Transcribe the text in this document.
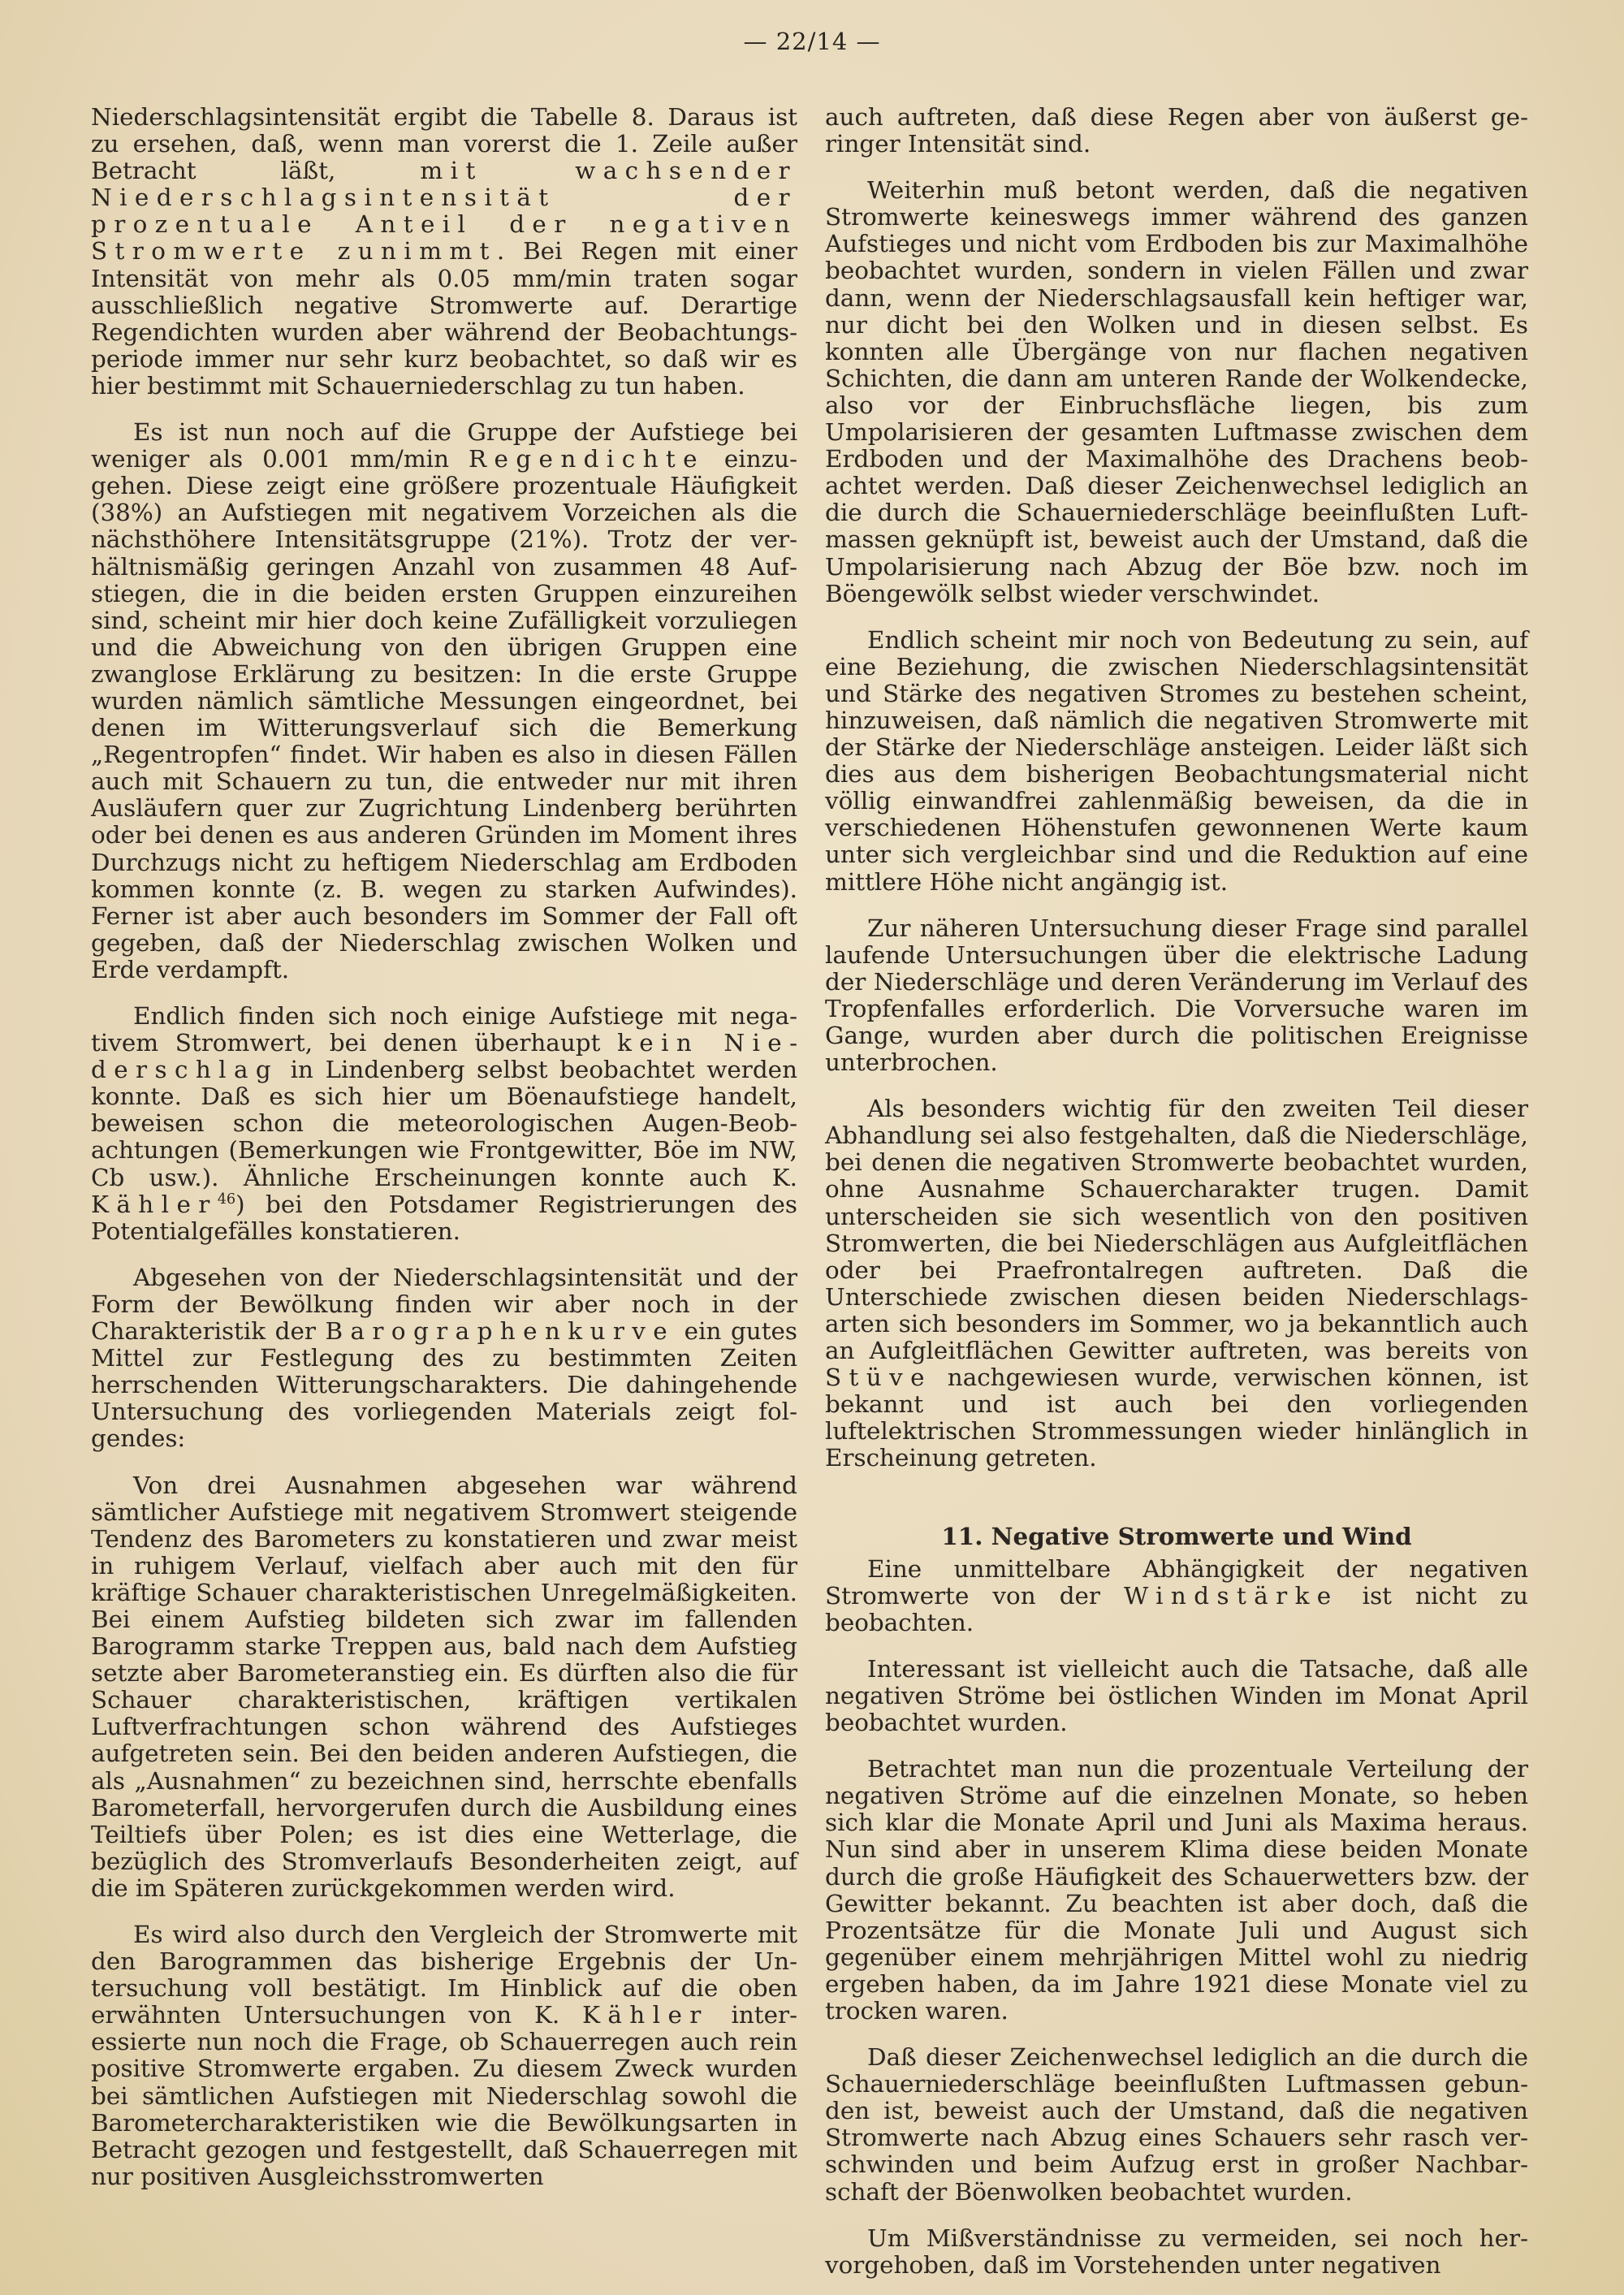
— 22/14 —

Niederschlagsintensität ergibt die Tabelle 8. Daraus ist zu ersehen, daß, wenn man vorerst die 1. Zeile außer Betracht läßt, mit wachsender Niederschlagsintensität der prozentuale Anteil der negativen Stromwerte zunimmt. Bei Regen mit einer Intensität von mehr als 0.05 mm/min traten sogar ausschließlich negative Stromwerte auf. Derartige Regendichten wurden aber während der Beobachtungsperiode immer nur sehr kurz beobachtet, so daß wir es hier bestimmt mit Schauerniederschlag zu tun haben.

Es ist nun noch auf die Gruppe der Aufstiege bei weniger als 0.001 mm/min Regendichte einzugehen. Diese zeigt eine größere prozentuale Häufigkeit (38%) an Aufstiegen mit negativem Vorzeichen als die nächsthöhere Intensitätsgruppe (21%). Trotz der verhältnismäßig geringen Anzahl von zusammen 48 Aufstiegen, die in die beiden ersten Gruppen einzureihen sind, scheint mir hier doch keine Zufälligkeit vorzuliegen und die Abweichung von den übrigen Gruppen eine zwanglose Erklärung zu besitzen: In die erste Gruppe wurden nämlich sämtliche Messungen eingeordnet, bei denen im Witterungsverlauf sich die Bemerkung „Regentropfen“ findet. Wir haben es also in diesen Fällen auch mit Schauern zu tun, die entweder nur mit ihren Ausläufern quer zur Zugrichtung Lindenberg berührten oder bei denen es aus anderen Gründen im Moment ihres Durchzugs nicht zu heftigem Niederschlag am Erdboden kommen konnte (z. B. wegen zu starken Aufwindes). Ferner ist aber auch besonders im Sommer der Fall oft gegeben, daß der Niederschlag zwischen Wolken und Erde verdampft.

Endlich finden sich noch einige Aufstiege mit negativem Stromwert, bei denen überhaupt kein Niederschlag in Lindenberg selbst beobachtet werden konnte. Daß es sich hier um Böenaufstiege handelt, beweisen schon die meteorologischen Augen-Beobachtungen (Bemerkungen wie Frontgewitter, Böe im NW, Cb usw.). Ähnliche Erscheinungen konnte auch K. Kähler$^{46}$) bei den Potsdamer Registrierungen des Potentialgefälles konstatieren.

Abgesehen von der Niederschlagsintensität und der Form der Bewölkung finden wir aber noch in der Charakteristik der Barographenkurve ein gutes Mittel zur Festlegung des zu bestimmten Zeiten herrschenden Witterungscharakters. Die dahingehende Untersuchung des vorliegenden Materials zeigt folgendes:

Von drei Ausnahmen abgesehen war während sämtlicher Aufstiege mit negativem Stromwert steigende Tendenz des Barometers zu konstatieren und zwar meist in ruhigem Verlauf, vielfach aber auch mit den für kräftige Schauer charakteristischen Unregelmäßigkeiten. Bei einem Aufstieg bildeten sich zwar im fallenden Barogramm starke Treppen aus, bald nach dem Aufstieg setzte aber Barometeranstieg ein. Es dürften also die für Schauer charakteristischen, kräftigen vertikalen Luftverfrachtungen schon während des Aufstieges aufgetreten sein. Bei den beiden anderen Aufstiegen, die als „Ausnahmen“ zu bezeichnen sind, herrschte ebenfalls Barometerfall, hervorgerufen durch die Ausbildung eines Teiltiefs über Polen; es ist dies eine Wetterlage, die bezüglich des Stromverlaufs Besonderheiten zeigt, auf die im Späteren zurückgekommen werden wird.

Es wird also durch den Vergleich der Stromwerte mit den Barogrammen das bisherige Ergebnis der Untersuchung voll bestätigt. Im Hinblick auf die oben erwähnten Untersuchungen von K. Kähler interessierte nun noch die Frage, ob Schauerregen auch rein positive Stromwerte ergaben. Zu diesem Zweck wurden bei sämtlichen Aufstiegen mit Niederschlag sowohl die Barometercharakteristiken wie die Bewölkungsarten in Betracht gezogen und festgestellt, daß Schauerregen mit nur positiven Ausgleichsstromwerten

auch auftreten, daß diese Regen aber von äußerst geringer Intensität sind.

Weiterhin muß betont werden, daß die negativen Stromwerte keineswegs immer während des ganzen Aufstieges und nicht vom Erdboden bis zur Maximalhöhe beobachtet wurden, sondern in vielen Fällen und zwar dann, wenn der Niederschlagsausfall kein heftiger war, nur dicht bei den Wolken und in diesen selbst. Es konnten alle Übergänge von nur flachen negativen Schichten, die dann am unteren Rande der Wolkendecke, also vor der Einbruchsfläche liegen, bis zum Umpolarisieren der gesamten Luftmasse zwischen dem Erdboden und der Maximalhöhe des Drachens beobachtet werden. Daß dieser Zeichenwechsel lediglich an die durch die Schauerniederschläge beeinflußten Luftmassen geknüpft ist, beweist auch der Umstand, daß die Umpolarisierung nach Abzug der Böe bzw. noch im Böengewölk selbst wieder verschwindet.

Endlich scheint mir noch von Bedeutung zu sein, auf eine Beziehung, die zwischen Niederschlagsintensität und Stärke des negativen Stromes zu bestehen scheint, hinzuweisen, daß nämlich die negativen Stromwerte mit der Stärke der Niederschläge ansteigen. Leider läßt sich dies aus dem bisherigen Beobachtungsmaterial nicht völlig einwandfrei zahlenmäßig beweisen, da die in verschiedenen Höhenstufen gewonnenen Werte kaum unter sich vergleichbar sind und die Reduktion auf eine mittlere Höhe nicht angängig ist.

Zur näheren Untersuchung dieser Frage sind parallel laufende Untersuchungen über die elektrische Ladung der Niederschläge und deren Veränderung im Verlauf des Tropfenfalles erforderlich. Die Vorversuche waren im Gange, wurden aber durch die politischen Ereignisse unterbrochen.

Als besonders wichtig für den zweiten Teil dieser Abhandlung sei also festgehalten, daß die Niederschläge, bei denen die negativen Stromwerte beobachtet wurden, ohne Ausnahme Schauercharakter trugen. Damit unterscheiden sie sich wesentlich von den positiven Stromwerten, die bei Niederschlägen aus Aufgleitflächen oder bei Praefrontalregen auftreten. Daß die Unterschiede zwischen diesen beiden Niederschlagsarten sich besonders im Sommer, wo ja bekanntlich auch an Aufgleitflächen Gewitter auftreten, was bereits von Stüve nachgewiesen wurde, verwischen können, ist bekannt und ist auch bei den vorliegenden luftelektrischen Strommessungen wieder hinlänglich in Erscheinung getreten.

11. Negative Stromwerte und Wind

Eine unmittelbare Abhängigkeit der negativen Stromwerte von der Windstärke ist nicht zu beobachten.

Interessant ist vielleicht auch die Tatsache, daß alle negativen Ströme bei östlichen Winden im Monat April beobachtet wurden.

Betrachtet man nun die prozentuale Verteilung der negativen Ströme auf die einzelnen Monate, so heben sich klar die Monate April und Juni als Maxima heraus. Nun sind aber in unserem Klima diese beiden Monate durch die große Häufigkeit des Schauerwetters bzw. der Gewitter bekannt. Zu beachten ist aber doch, daß die Prozentsätze für die Monate Juli und August sich gegenüber einem mehrjährigen Mittel wohl zu niedrig ergeben haben, da im Jahre 1921 diese Monate viel zu trocken waren.

Daß dieser Zeichenwechsel lediglich an die durch die Schauerniederschläge beeinflußten Luftmassen gebunden ist, beweist auch der Umstand, daß die negativen Stromwerte nach Abzug eines Schauers sehr rasch verschwinden und beim Aufzug erst in großer Nachbarschaft der Böenwolken beobachtet wurden.

Um Mißverständnisse zu vermeiden, sei noch hervorgehoben, daß im Vorstehenden unter negativen
